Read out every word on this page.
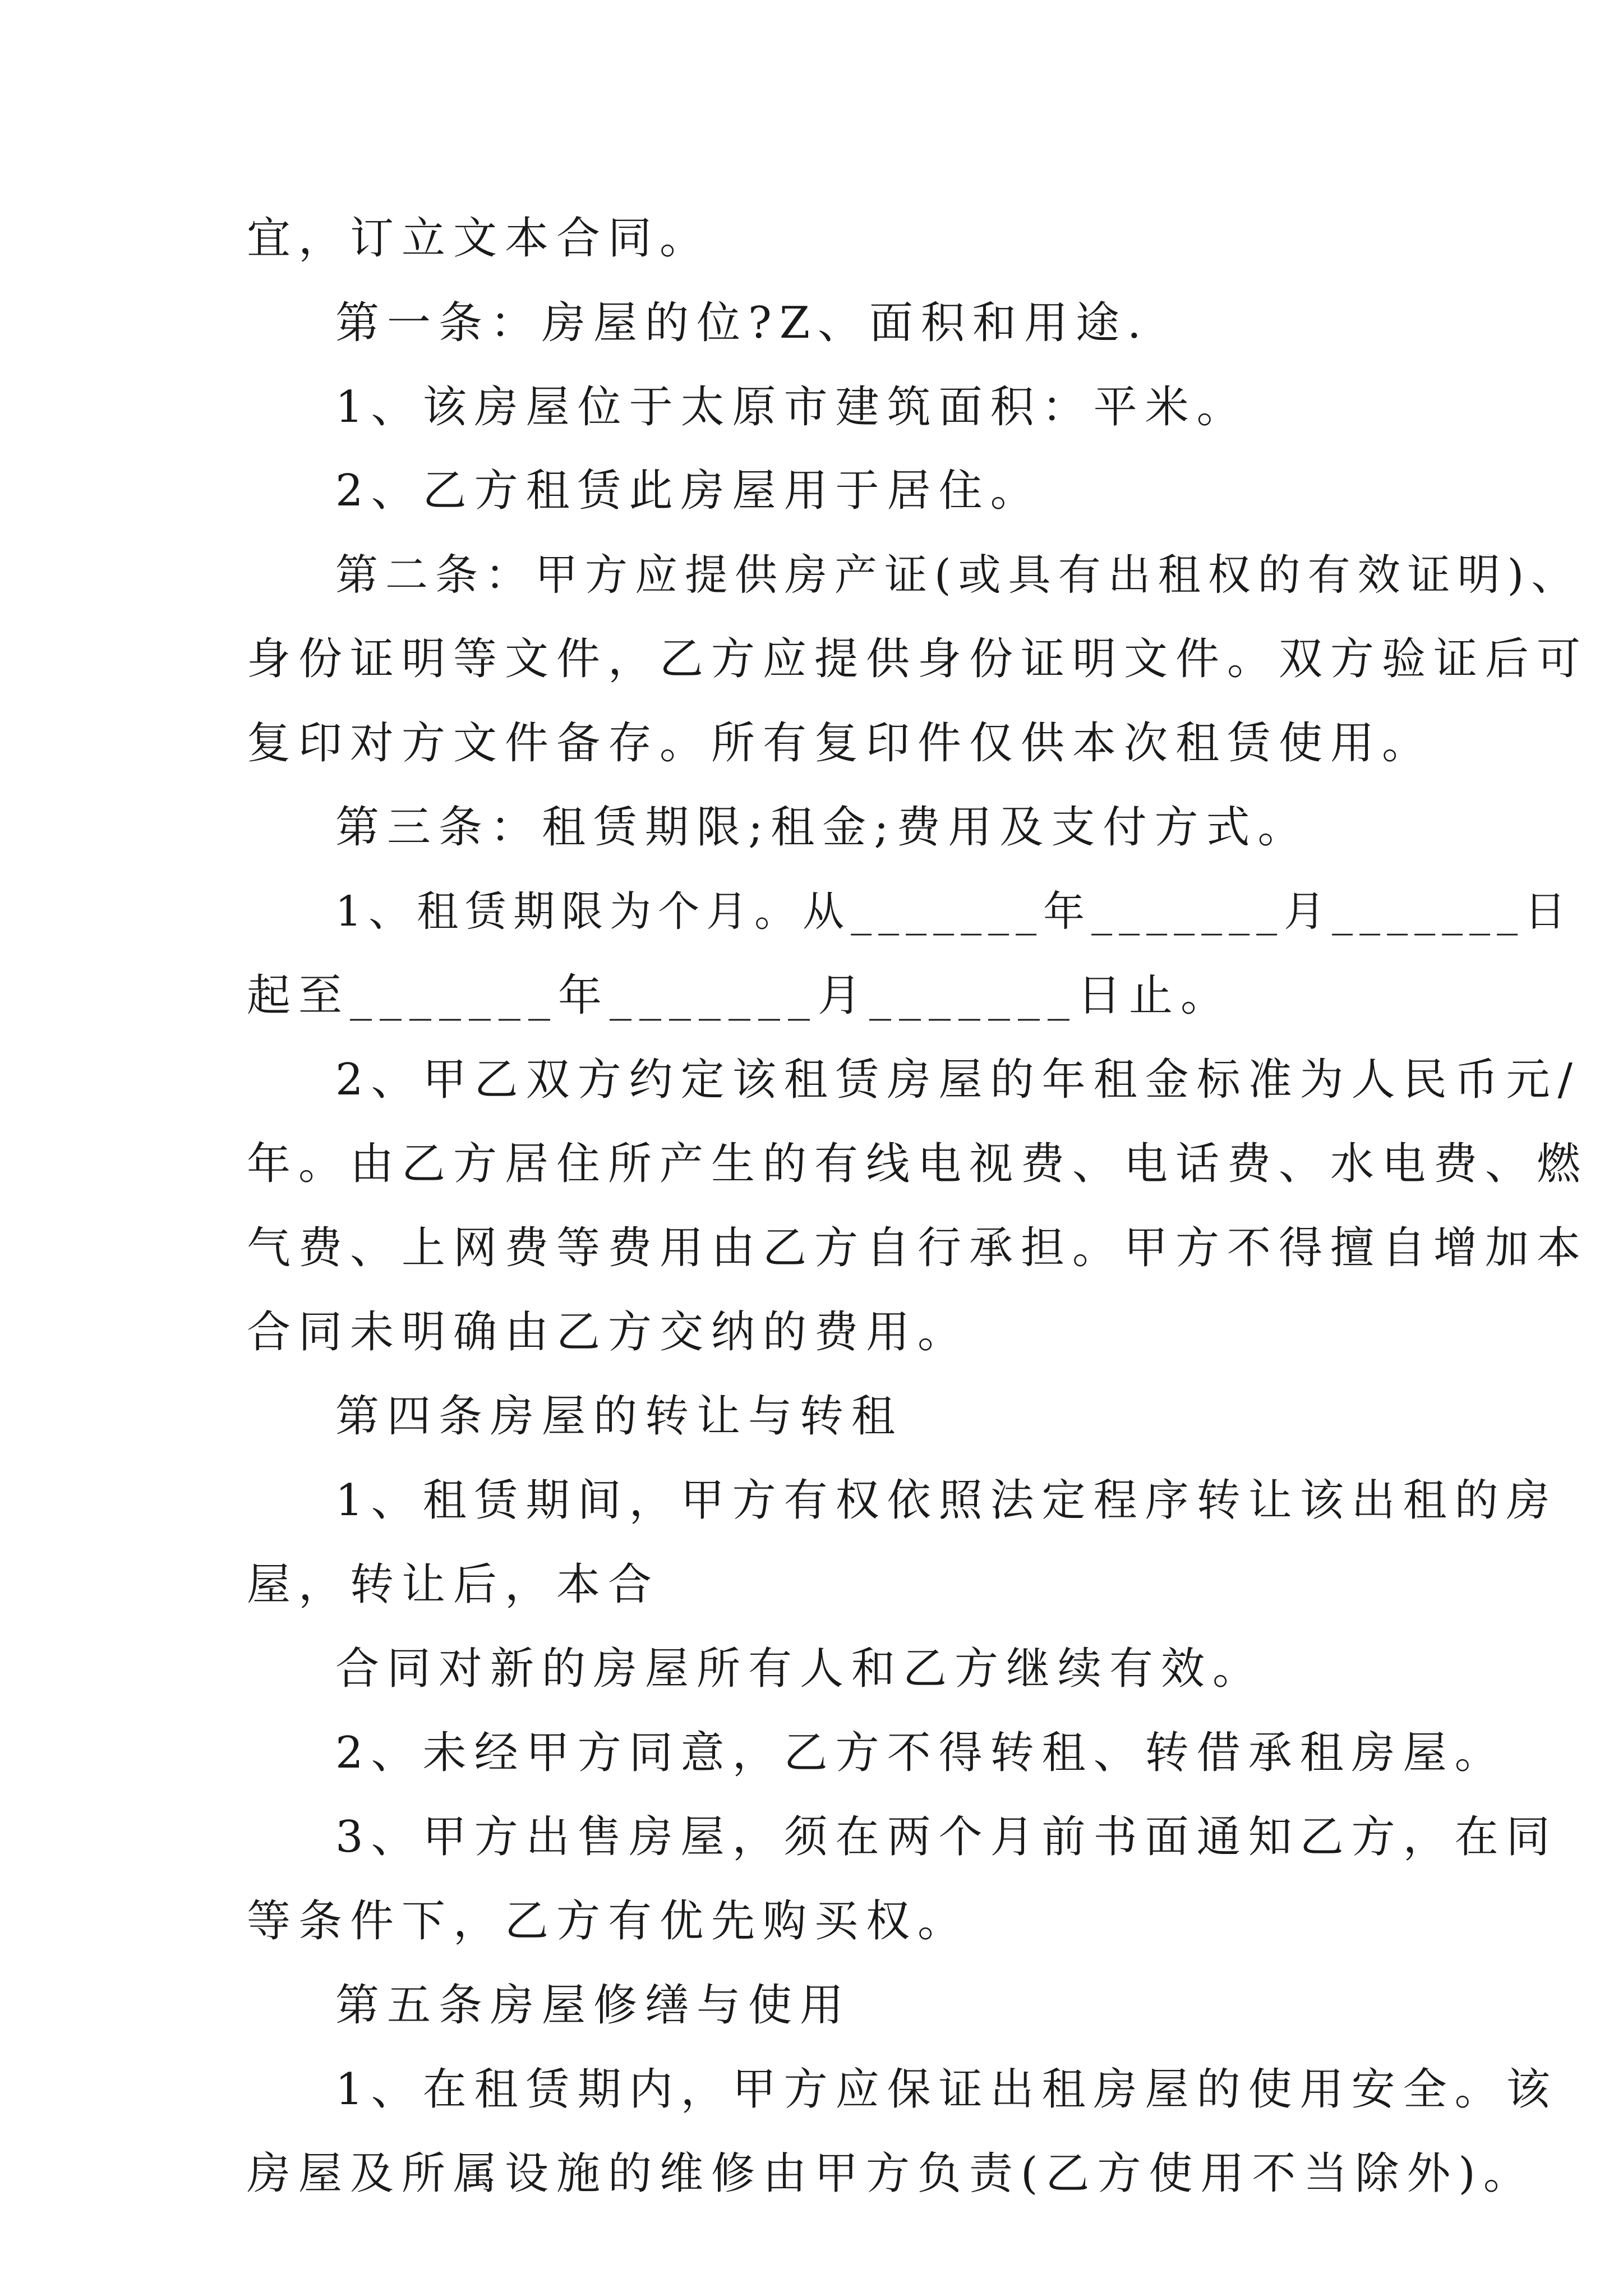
宜，订立文本合同。
第一条：房屋的位?Z、面积和用途.
1、该房屋位于太原市建筑面积：平米。
2、乙方租赁此房屋用于居住。
第二条：甲方应提供房产证(或具有出租权的有效证明)、
身份证明等文件，乙方应提供身份证明文件。双方验证后可
复印对方文件备存。所有复印件仅供本次租赁使用。
第三条：租赁期限;租金;费用及支付方式。
1、租赁期限为个月。从_______年_______月_______日
起至_______年_______月_______日止。
2、甲乙双方约定该租赁房屋的年租金标准为人民币元/
年。由乙方居住所产生的有线电视费、电话费、水电费、燃
气费、上网费等费用由乙方自行承担。甲方不得擅自增加本
合同未明确由乙方交纳的费用。
第四条房屋的转让与转租
1、租赁期间，甲方有权依照法定程序转让该出租的房
屋，转让后，本合
合同对新的房屋所有人和乙方继续有效。
2、未经甲方同意，乙方不得转租、转借承租房屋。
3、甲方出售房屋，须在两个月前书面通知乙方，在同
等条件下，乙方有优先购买权。
第五条房屋修缮与使用
1、在租赁期内，甲方应保证出租房屋的使用安全。该
房屋及所属设施的维修由甲方负责(乙方使用不当除外)。
